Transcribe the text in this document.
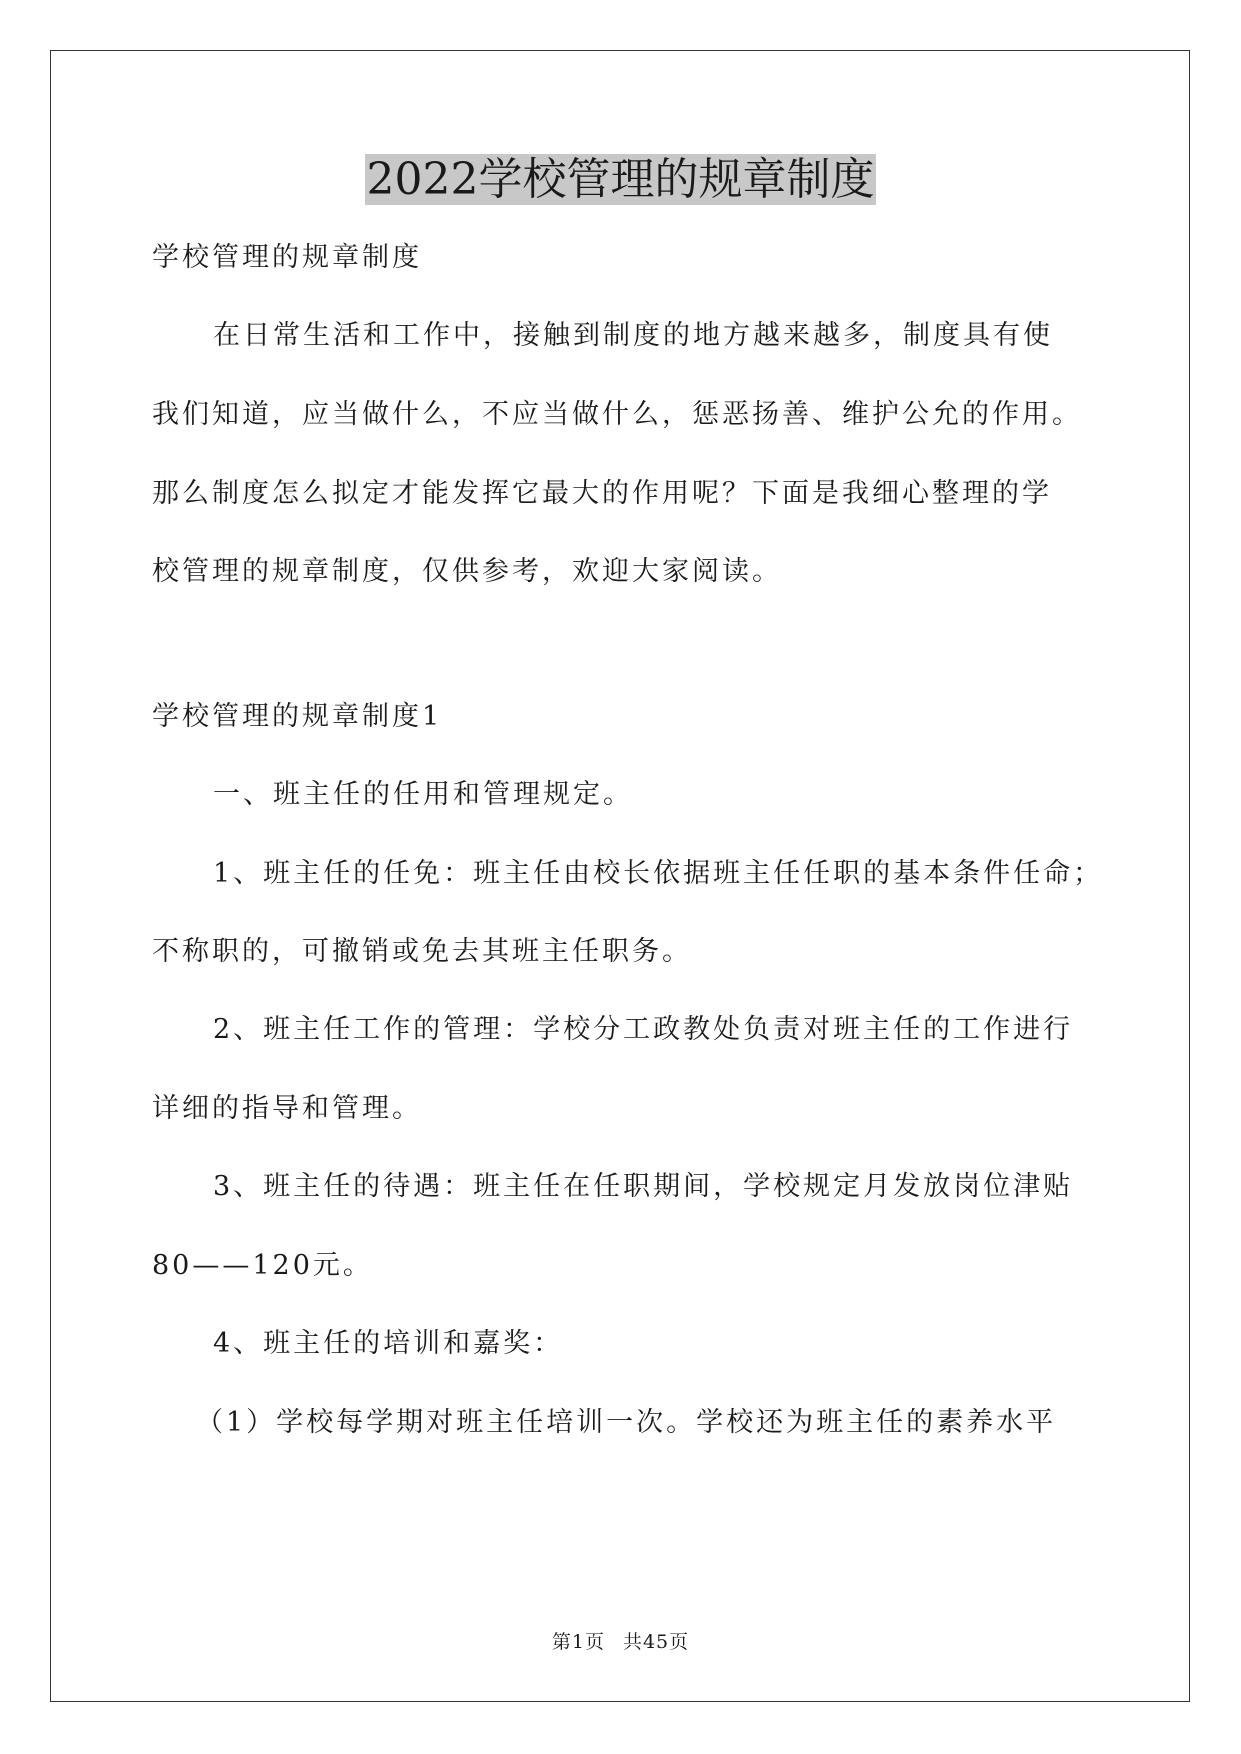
2022学校管理的规章制度
学校管理的规章制度
在日常生活和工作中，接触到制度的地方越来越多，制度具有使
我们知道，应当做什么，不应当做什么，惩恶扬善、维护公允的作用。
那么制度怎么拟定才能发挥它最大的作用呢？下面是我细心整理的学
校管理的规章制度，仅供参考，欢迎大家阅读。
学校管理的规章制度1
一、班主任的任用和管理规定。
1、班主任的任免：班主任由校长依据班主任任职的基本条件任命；
不称职的，可撤销或免去其班主任职务。
2、班主任工作的管理：学校分工政教处负责对班主任的工作进行
详细的指导和管理。
3、班主任的待遇：班主任在任职期间，学校规定月发放岗位津贴
80——120元。
4、班主任的培训和嘉奖：
（1）学校每学期对班主任培训一次。学校还为班主任的素养水平
第1页 共45页
